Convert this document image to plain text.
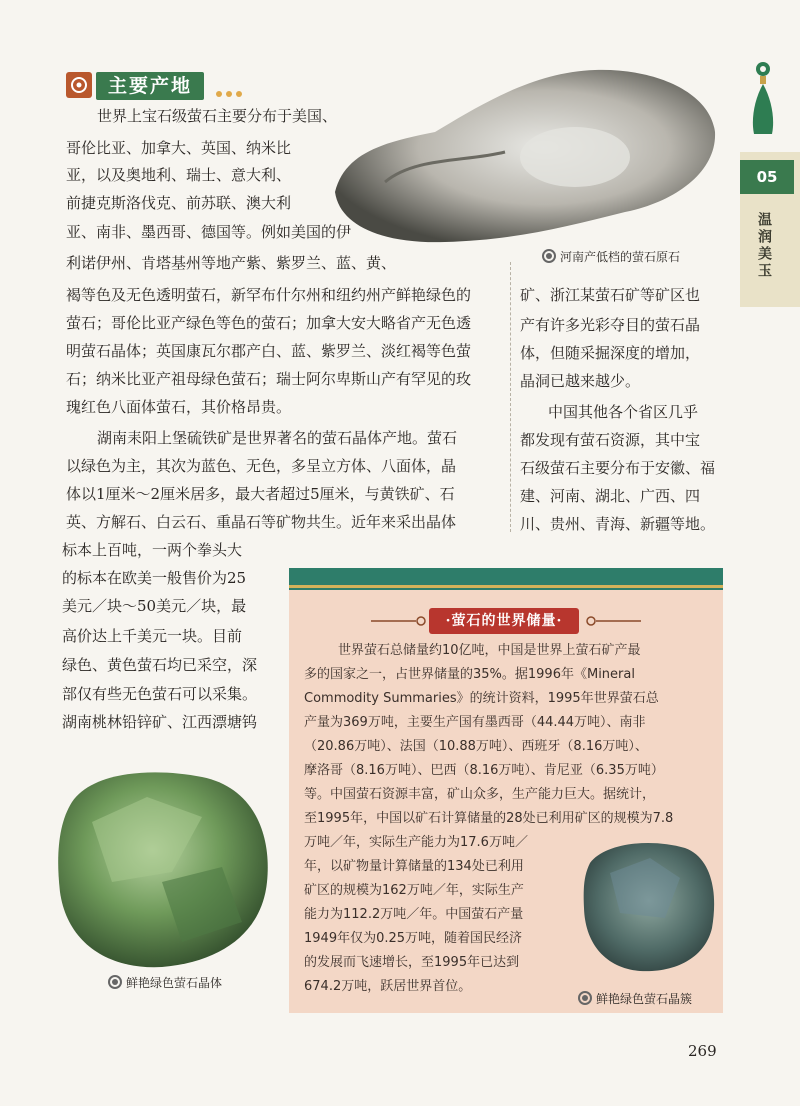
05
温润美玉
主要产地
河南产低档的萤石原石
世界上宝石级萤石主要分布于美国、
哥伦比亚、加拿大、英国、纳米比
亚，以及奥地利、瑞士、意大利、
前捷克斯洛伐克、前苏联、澳大利
亚、南非、墨西哥、德国等。例如美国的伊
利诺伊州、肯塔基州等地产紫、紫罗兰、蓝、黄、
褐等色及无色透明萤石，新罕布什尔州和纽约州产鲜艳绿色的
萤石；哥伦比亚产绿色等色的萤石；加拿大安大略省产无色透
明萤石晶体；英国康瓦尔郡产白、蓝、紫罗兰、淡红褐等色萤
石；纳米比亚产祖母绿色萤石；瑞士阿尔卑斯山产有罕见的玫
瑰红色八面体萤石，其价格昂贵。
湖南耒阳上堡硫铁矿是世界著名的萤石晶体产地。萤石
以绿色为主，其次为蓝色、无色，多呈立方体、八面体，晶
体以1厘米～2厘米居多，最大者超过5厘米，与黄铁矿、石
英、方解石、白云石、重晶石等矿物共生。近年来采出晶体
标本上百吨，一两个拳头大
的标本在欧美一般售价为25
美元／块～50美元／块，最
高价达上千美元一块。目前
绿色、黄色萤石均已采空，深
部仅有些无色萤石可以采集。
湖南桃林铅锌矿、江西漂塘钨
矿、浙江某萤石矿等矿区也
产有许多光彩夺目的萤石晶
体，但随采掘深度的增加，
晶洞已越来越少。
中国其他各个省区几乎
都发现有萤石资源，其中宝
石级萤石主要分布于安徽、福
建、河南、湖北、广西、四
川、贵州、青海、新疆等地。
鲜艳绿色萤石晶体
·萤石的世界储量·
世界萤石总储量约10亿吨，中国是世界上萤石矿产最
多的国家之一，占世界储量的35%。据1996年《Mineral
Commodity Summaries》的统计资料，1995年世界萤石总
产量为369万吨，主要生产国有墨西哥（44.44万吨）、南非
（20.86万吨）、法国（10.88万吨）、西班牙（8.16万吨）、
摩洛哥（8.16万吨）、巴西（8.16万吨）、肯尼亚（6.35万吨）
等。中国萤石资源丰富，矿山众多，生产能力巨大。据统计，
至1995年，中国以矿石计算储量的28处已利用矿区的规模为7.8
万吨／年，实际生产能力为17.6万吨／
年，以矿物量计算储量的134处已利用
矿区的规模为162万吨／年，实际生产
能力为112.2万吨／年。中国萤石产量
1949年仅为0.25万吨，随着国民经济
的发展而飞速增长，至1995年已达到
674.2万吨，跃居世界首位。
鲜艳绿色萤石晶簇
269
